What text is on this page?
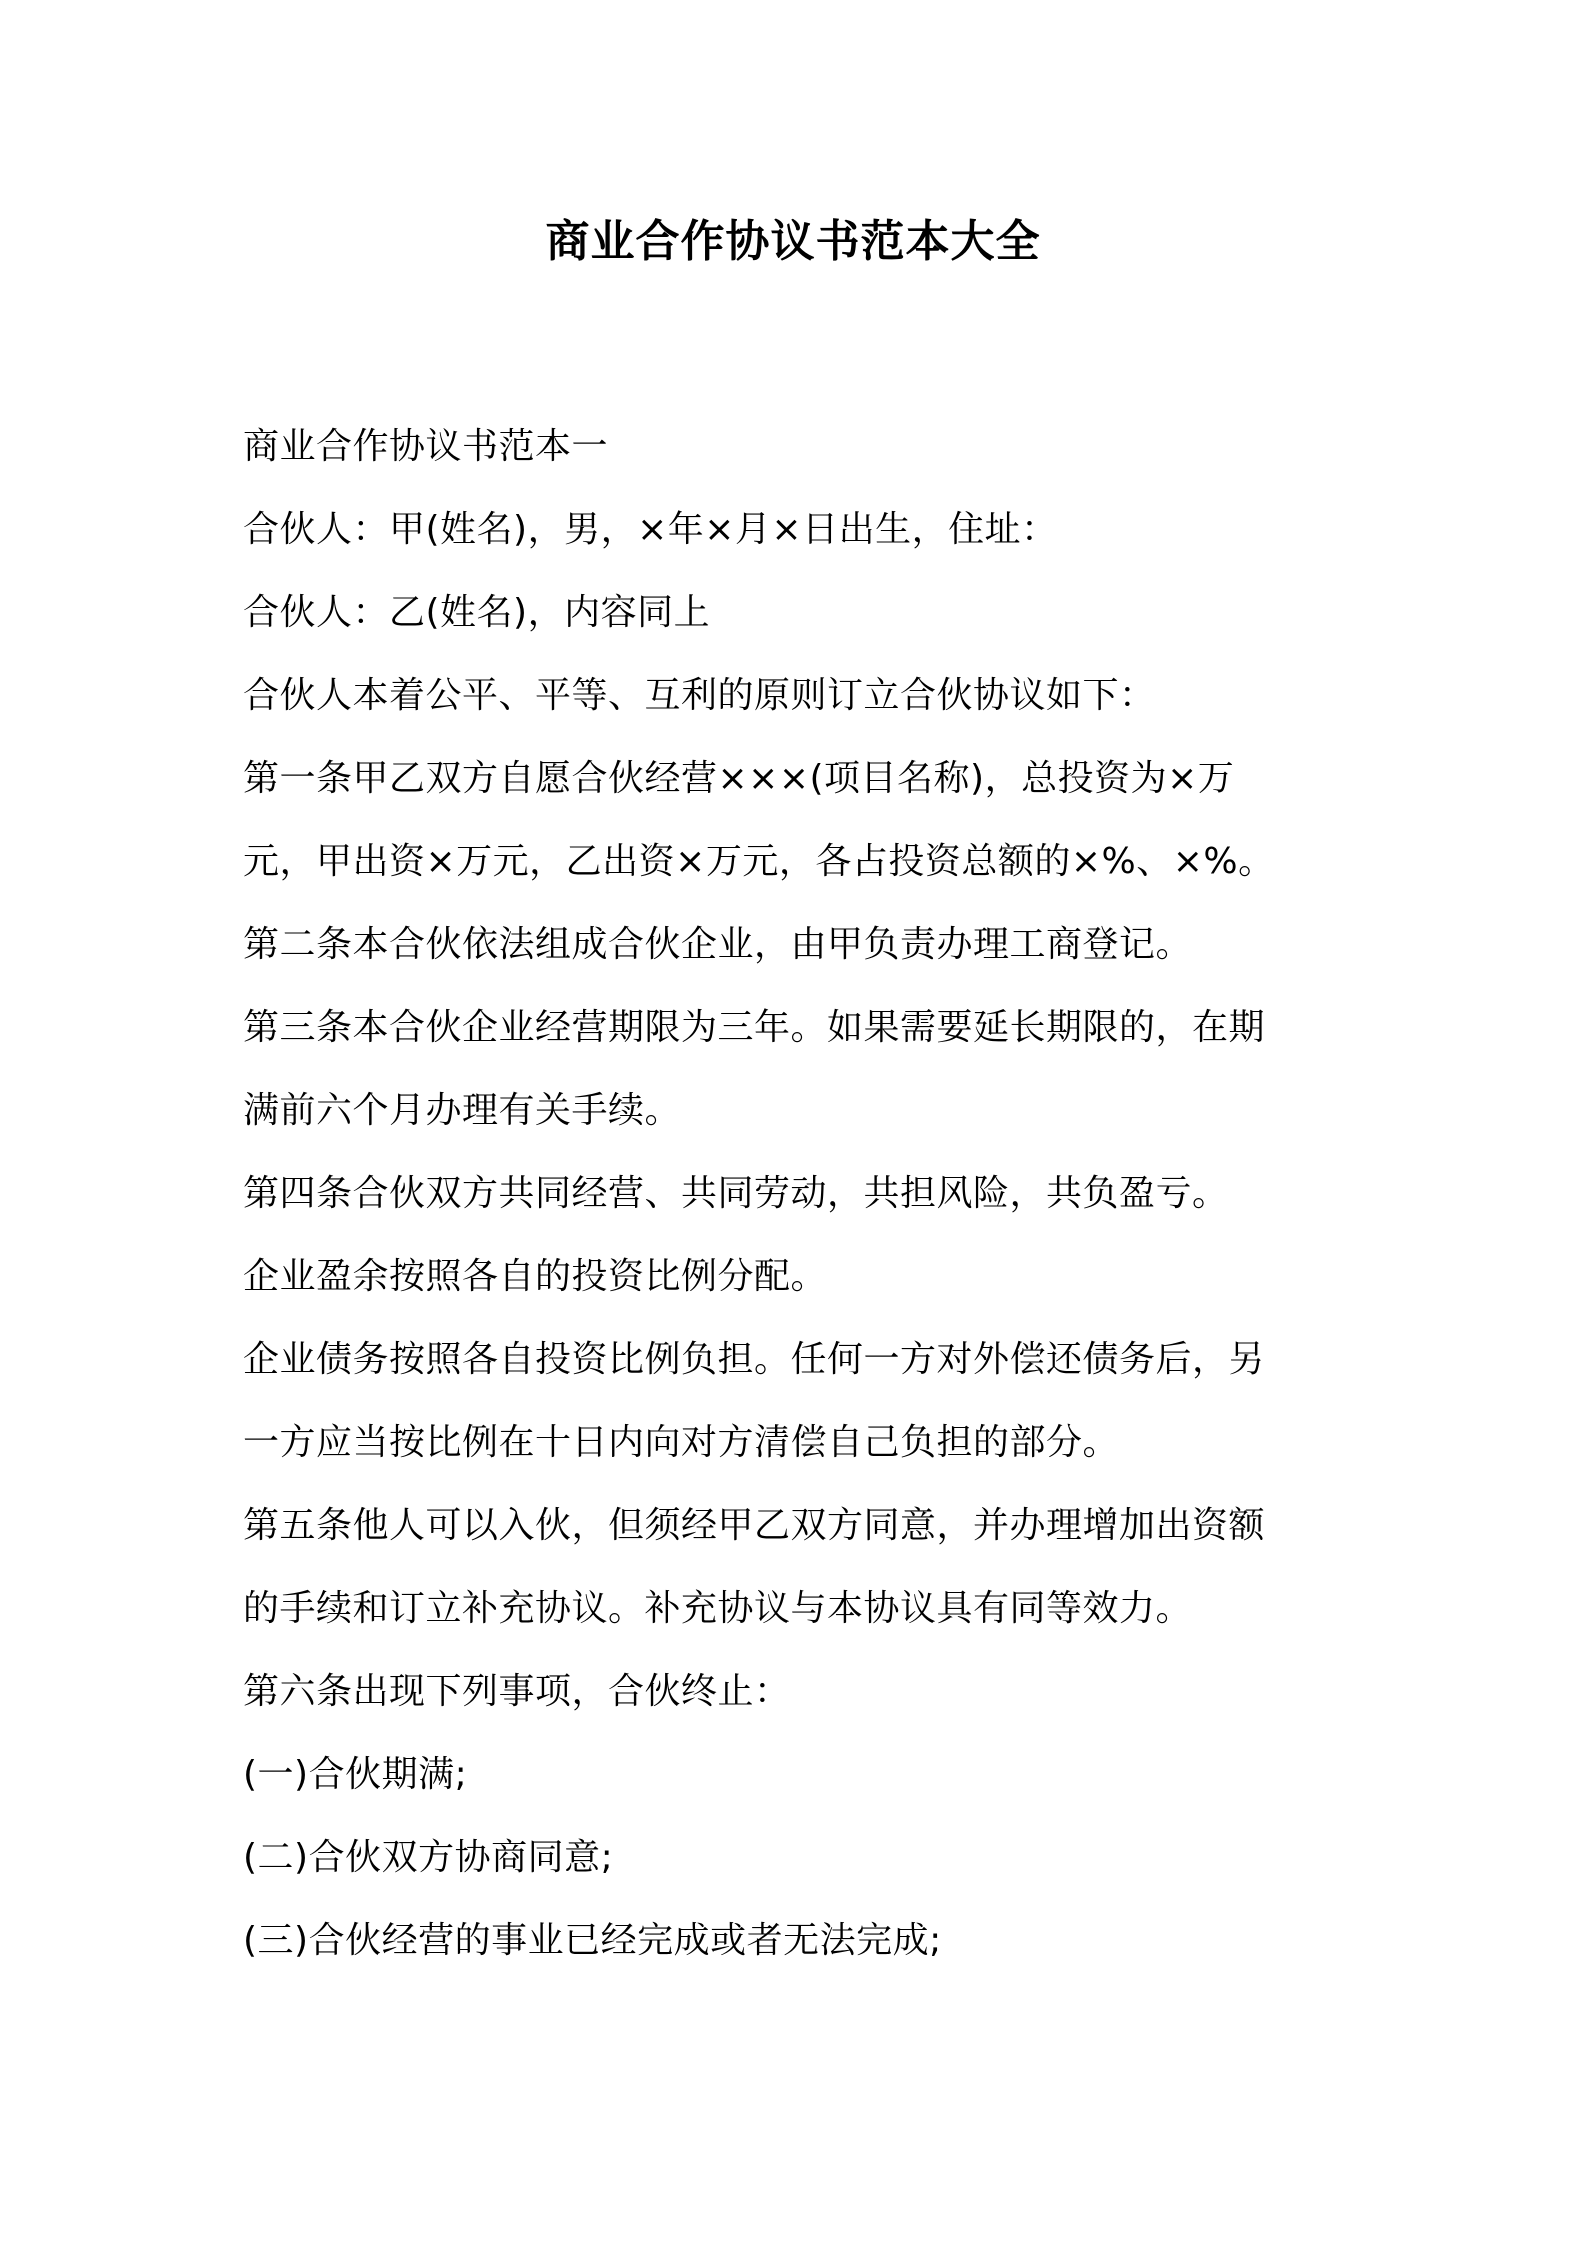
商业合作协议书范本大全
商业合作协议书范本一
合伙人：甲(姓名)，男，×年×月×日出生，住址：
合伙人：乙(姓名)，内容同上
合伙人本着公平、平等、互利的原则订立合伙协议如下：
第一条甲乙双方自愿合伙经营×××(项目名称)，总投资为×万
元，甲出资×万元，乙出资×万元，各占投资总额的×%、×%。
第二条本合伙依法组成合伙企业，由甲负责办理工商登记。
第三条本合伙企业经营期限为三年。如果需要延长期限的，在期
满前六个月办理有关手续。
第四条合伙双方共同经营、共同劳动，共担风险，共负盈亏。
企业盈余按照各自的投资比例分配。
企业债务按照各自投资比例负担。任何一方对外偿还债务后，另
一方应当按比例在十日内向对方清偿自己负担的部分。
第五条他人可以入伙，但须经甲乙双方同意，并办理增加出资额
的手续和订立补充协议。补充协议与本协议具有同等效力。
第六条出现下列事项，合伙终止：
(一)合伙期满;
(二)合伙双方协商同意;
(三)合伙经营的事业已经完成或者无法完成;
